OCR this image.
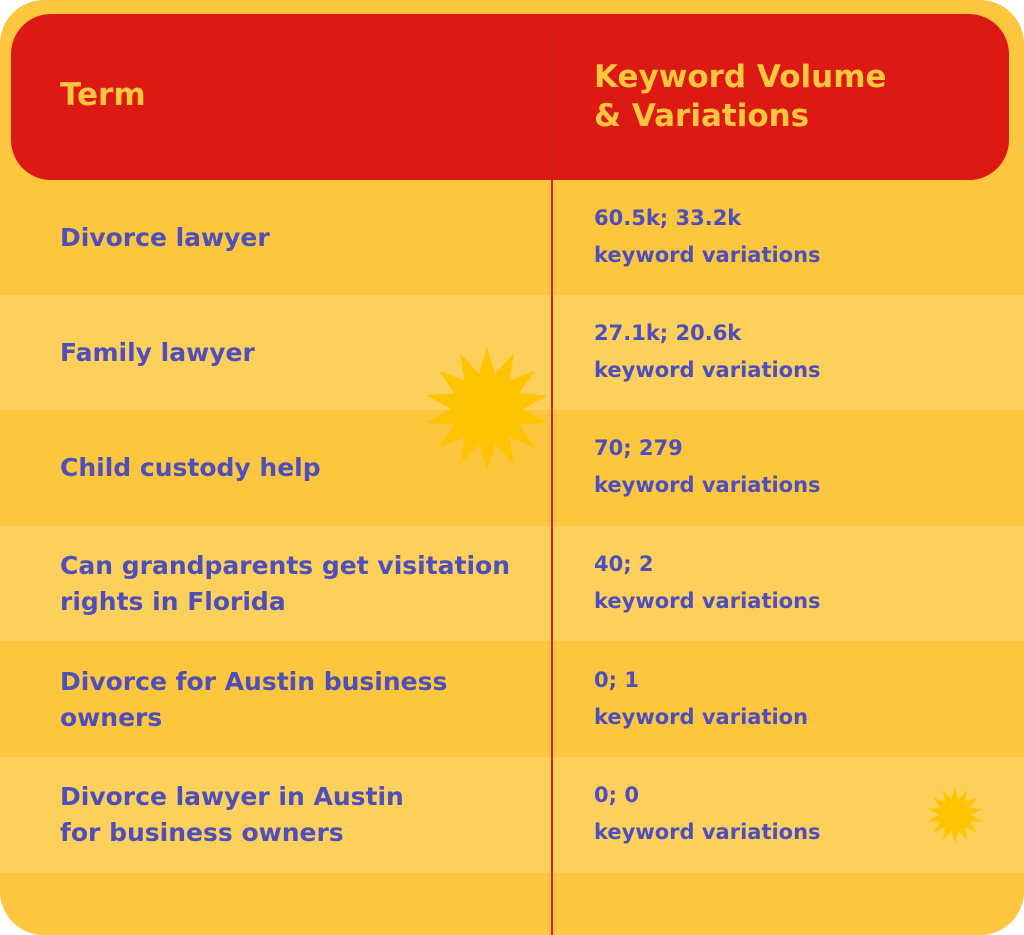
Term	Keyword Volume
& Variations
Divorce lawyer
60.5k; 33.2k
keyword variations
Family lawyer
27.1k; 20.6k
keyword variations
Child custody help
70; 279
keyword variations
Can grandparents get visitation
rights in Florida
40; 2
keyword variations
Divorce for Austin business
owners
0; 1
keyword variation
Divorce lawyer in Austin
for business owners
0; 0
keyword variations
